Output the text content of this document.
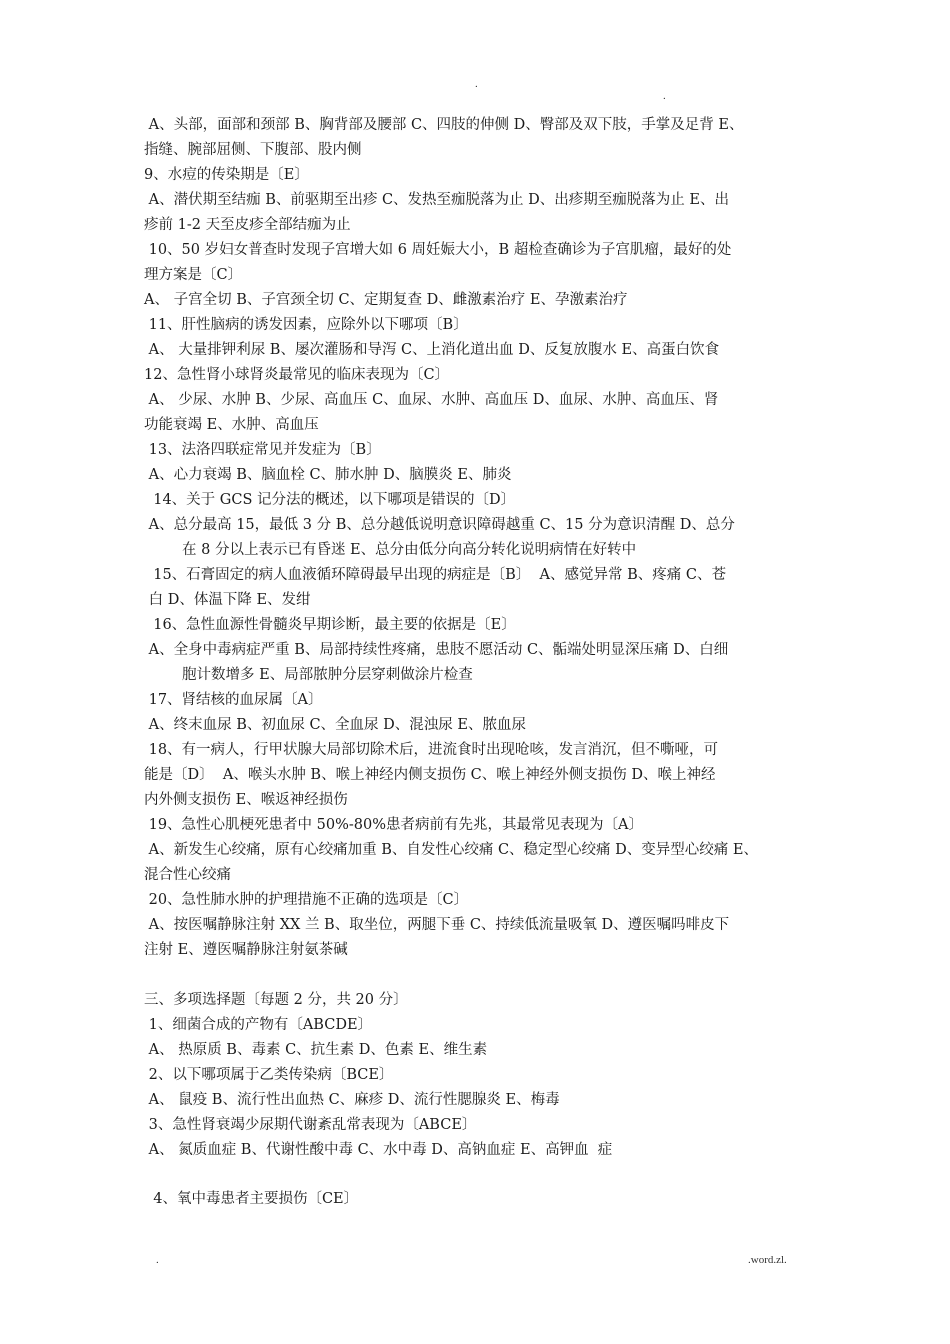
.
.
A、头部，面部和颈部 B、胸背部及腰部 C、四肢的伸侧 D、臀部及双下肢，手掌及足背 E、
指缝、腕部屈侧、下腹部、股内侧
9、水痘的传染期是〔E〕
A、潜伏期至结痂 B、前驱期至出疹 C、发热至痂脱落为止 D、出疹期至痂脱落为止 E、出
疹前 1-2 天至皮疹全部结痂为止
10、50 岁妇女普查时发现子宫增大如 6 周妊娠大小，B 超检查确诊为子宫肌瘤，最好的处
理方案是〔C〕
A、 子宫全切 B、子宫颈全切 C、定期复查 D、雌激素治疗 E、孕激素治疗
11、肝性脑病的诱发因素，应除外以下哪项〔B〕
A、 大量排钾利尿 B、屡次灌肠和导泻 C、上消化道出血 D、反复放腹水 E、高蛋白饮食
12、急性肾小球肾炎最常见的临床表现为〔C〕
A、 少尿、水肿 B、少尿、高血压 C、血尿、水肿、高血压 D、血尿、水肿、高血压、肾
功能衰竭 E、水肿、高血压
13、法洛四联症常见并发症为〔B〕
A、心力衰竭 B、脑血栓 C、肺水肿 D、脑膜炎 E、肺炎
14、关于 GCS 记分法的概述，以下哪项是错误的〔D〕
A、总分最高 15，最低 3 分 B、总分越低说明意识障碍越重 C、15 分为意识清醒 D、总分
在 8 分以上表示已有昏迷 E、总分由低分向高分转化说明病情在好转中
15、石膏固定的病人血液循环障碍最早出现的病症是〔B〕  A、感觉异常 B、疼痛 C、苍
白 D、体温下降 E、发绀
16、急性血源性骨髓炎早期诊断，最主要的依据是〔E〕
A、全身中毒病症严重 B、局部持续性疼痛，患肢不愿活动 C、骺端处明显深压痛 D、白细
胞计数增多 E、局部脓肿分层穿刺做涂片检查
17、肾结核的血尿属〔A〕
A、终末血尿 B、初血尿 C、全血尿 D、混浊尿 E、脓血尿
18、有一病人，行甲状腺大局部切除术后，进流食时出现呛咳，发言消沉，但不嘶哑，可
能是〔D〕  A、喉头水肿 B、喉上神经内侧支损伤 C、喉上神经外侧支损伤 D、喉上神经
内外侧支损伤 E、喉返神经损伤
19、急性心肌梗死患者中 50%-80%患者病前有先兆，其最常见表现为〔A〕
A、新发生心绞痛，原有心绞痛加重 B、自发性心绞痛 C、稳定型心绞痛 D、变异型心绞痛 E、
混合性心绞痛
20、急性肺水肿的护理措施不正确的选项是〔C〕
A、按医嘱静脉注射 XX 兰 B、取坐位，两腿下垂 C、持续低流量吸氧 D、遵医嘱吗啡皮下
注射 E、遵医嘱静脉注射氨茶碱
三、多项选择题〔每题 2 分，共 20 分〕
1、细菌合成的产物有〔ABCDE〕
A、 热原质 B、毒素 C、抗生素 D、色素 E、维生素
2、以下哪项属于乙类传染病〔BCE〕
A、 鼠疫 B、流行性出血热 C、麻疹 D、流行性腮腺炎 E、梅毒
3、急性肾衰竭少尿期代谢紊乱常表现为〔ABCE〕
A、 氮质血症 B、代谢性酸中毒 C、水中毒 D、高钠血症 E、高钾血  症
4、氧中毒患者主要损伤〔CE〕
.	.word.zl.
